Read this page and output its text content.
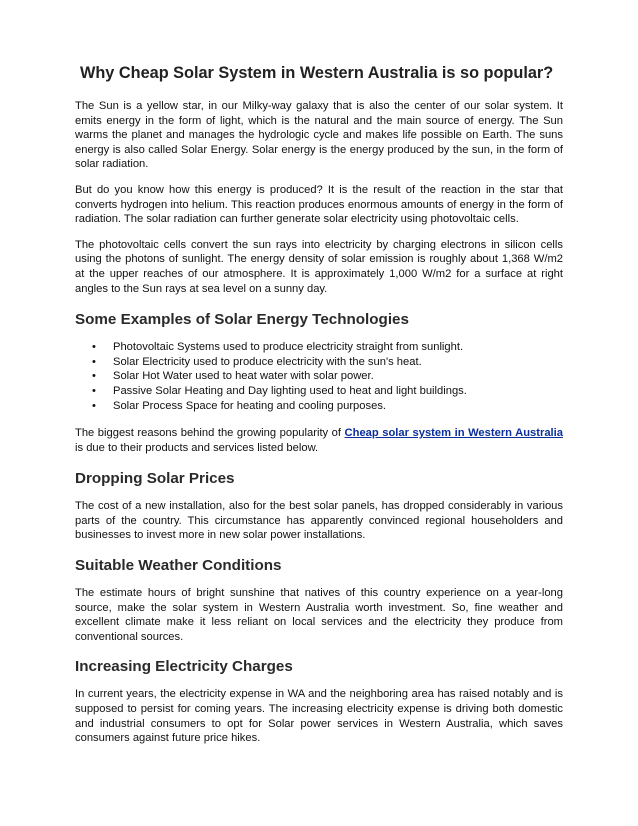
Why Cheap Solar System in Western Australia is so popular?

The Sun is a yellow star, in our Milky-way galaxy that is also the center of our solar system. It emits energy in the form of light, which is the natural and the main source of energy. The Sun warms the planet and manages the hydrologic cycle and makes life possible on Earth. The suns energy is also called Solar Energy. Solar energy is the energy produced by the sun, in the form of solar radiation.

But do you know how this energy is produced? It is the result of the reaction in the star that converts hydrogen into helium. This reaction produces enormous amounts of energy in the form of radiation. The solar radiation can further generate solar electricity using photovoltaic cells.

The photovoltaic cells convert the sun rays into electricity by charging electrons in silicon cells using the photons of sunlight. The energy density of solar emission is roughly about 1,368 W/m2 at the upper reaches of our atmosphere. It is approximately 1,000 W/m2 for a surface at right angles to the Sun rays at sea level on a sunny day.

Some Examples of Solar Energy Technologies
• Photovoltaic Systems used to produce electricity straight from sunlight.
• Solar Electricity used to produce electricity with the sun's heat.
• Solar Hot Water used to heat water with solar power.
• Passive Solar Heating and Day lighting used to heat and light buildings.
• Solar Process Space for heating and cooling purposes.

The biggest reasons behind the growing popularity of Cheap solar system in Western Australia is due to their products and services listed below.

Dropping Solar Prices

The cost of a new installation, also for the best solar panels, has dropped considerably in various parts of the country. This circumstance has apparently convinced regional householders and businesses to invest more in new solar power installations.

Suitable Weather Conditions

The estimate hours of bright sunshine that natives of this country experience on a year-long source, make the solar system in Western Australia worth investment. So, fine weather and excellent climate make it less reliant on local services and the electricity they produce from conventional sources.

Increasing Electricity Charges

In current years, the electricity expense in WA and the neighboring area has raised notably and is supposed to persist for coming years. The increasing electricity expense is driving both domestic and industrial consumers to opt for Solar power services in Western Australia, which saves consumers against future price hikes.
